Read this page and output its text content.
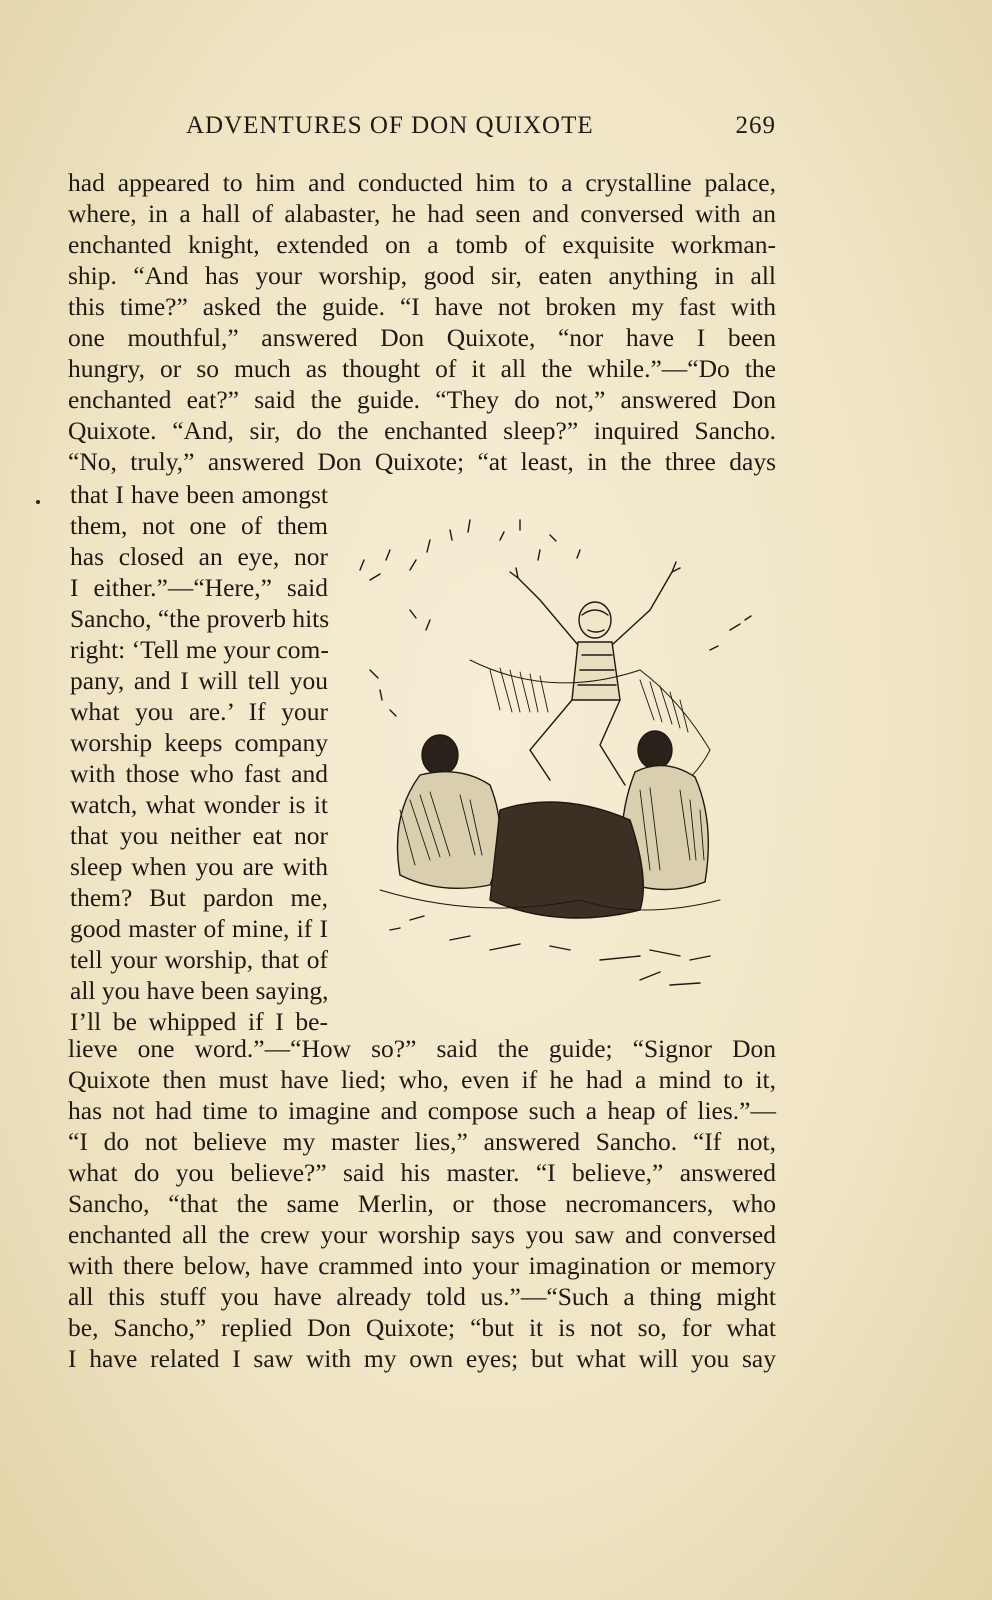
ADVENTURES OF DON QUIXOTE	269
had appeared to him and conducted him to a crystalline palace,
where, in a hall of alabaster, he had seen and conversed with an
enchanted knight, extended on a tomb of exquisite workman-
ship. “And has your worship, good sir, eaten anything in all
this time?” asked the guide. “I have not broken my fast with
one mouthful,” answered Don Quixote, “nor have I been
hungry, or so much as thought of it all the while.”—“Do the
enchanted eat?” said the guide. “They do not,” answered Don
Quixote. “And, sir, do the enchanted sleep?” inquired Sancho.
“No, truly,” answered Don Quixote; “at least, in the three days
that I have been amongst
them, not one of them
has closed an eye, nor
I either.”—“Here,” said
Sancho, “the proverb hits
right: ‘Tell me your com-
pany, and I will tell you
what you are.’ If your
worship keeps company
with those who fast and
watch, what wonder is it
that you neither eat nor
sleep when you are with
them? But pardon me,
good master of mine, if I
tell your worship, that of
all you have been saying,
I’ll be whipped if I be-
lieve one word.”—“How so?” said the guide; “Signor Don
Quixote then must have lied; who, even if he had a mind to it,
has not had time to imagine and compose such a heap of lies.”—
“I do not believe my master lies,” answered Sancho. “If not,
what do you believe?” said his master. “I believe,” answered
Sancho, “that the same Merlin, or those necromancers, who
enchanted all the crew your worship says you saw and conversed
with there below, have crammed into your imagination or memory
all this stuff you have already told us.”—“Such a thing might
be, Sancho,” replied Don Quixote; “but it is not so, for what
I have related I saw with my own eyes; but what will you say
